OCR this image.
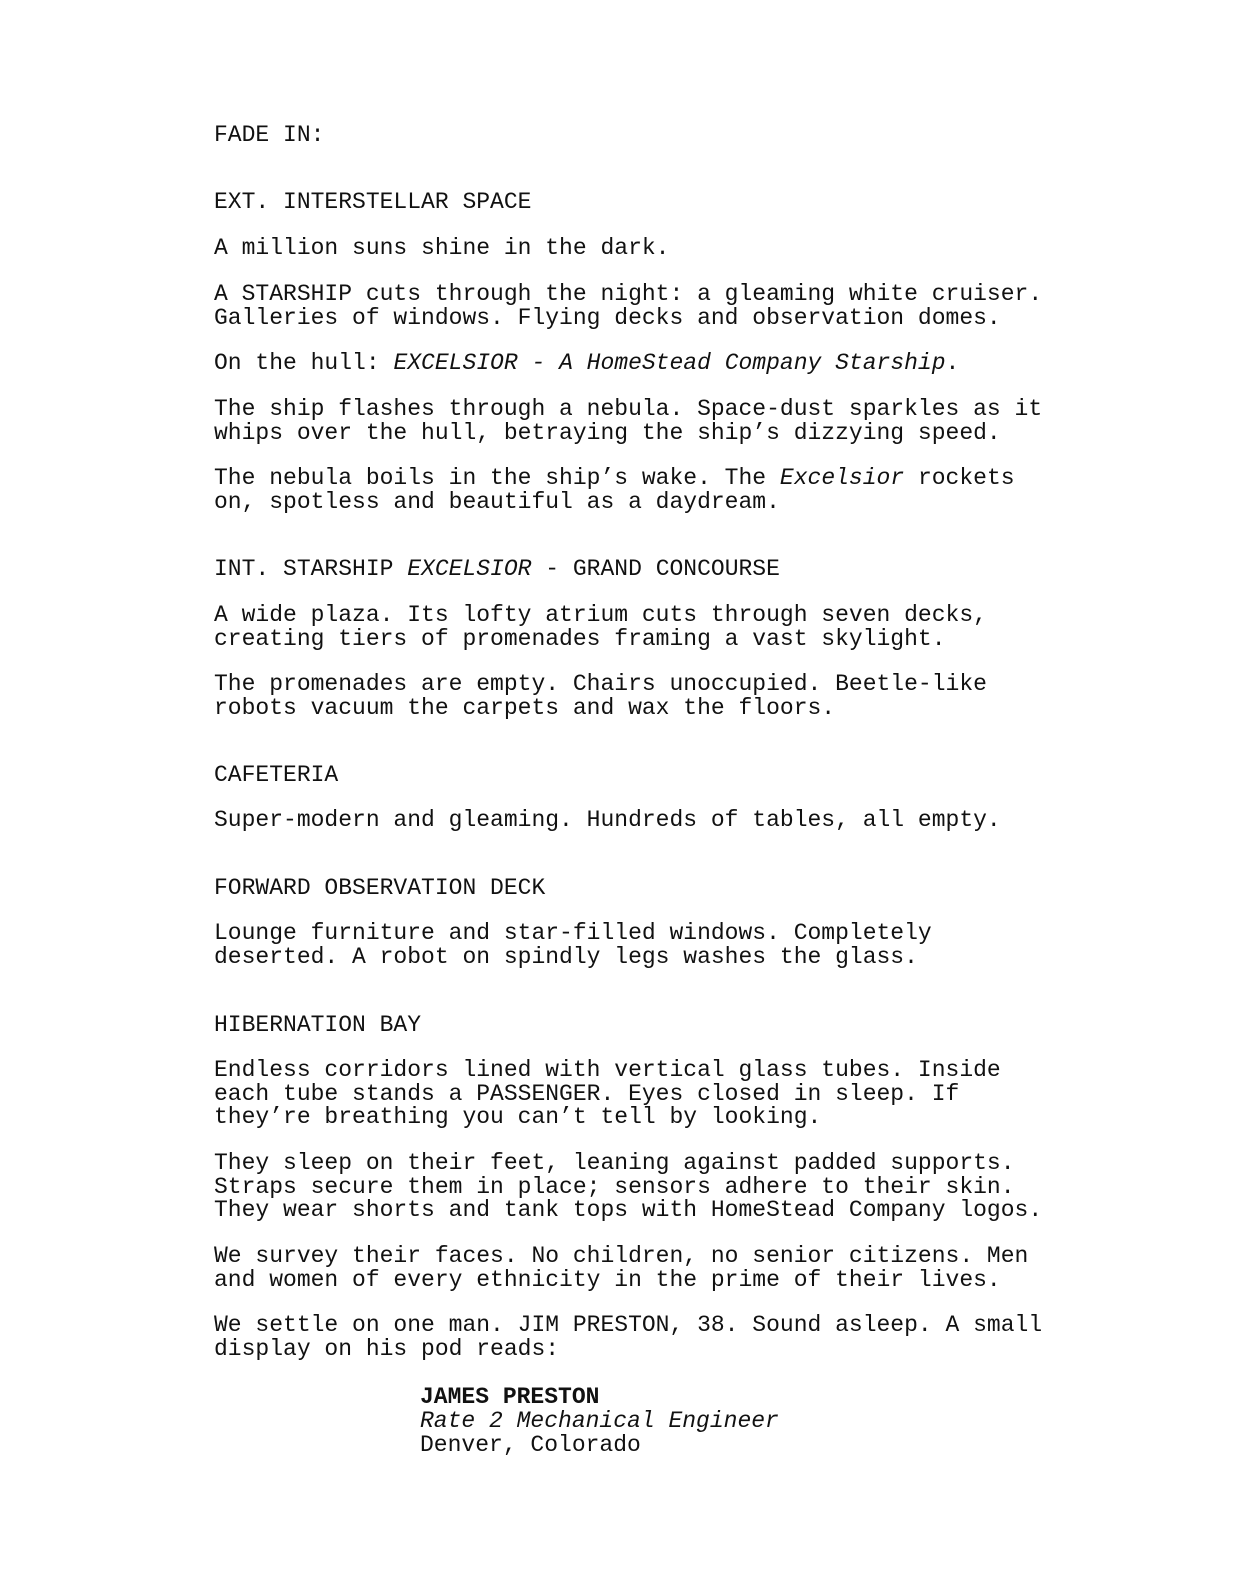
FADE IN:
EXT. INTERSTELLAR SPACE
A million suns shine in the dark.
A STARSHIP cuts through the night: a gleaming white cruiser.
Galleries of windows. Flying decks and observation domes.
On the hull: EXCELSIOR - A HomeStead Company Starship.
The ship flashes through a nebula. Space-dust sparkles as it
whips over the hull, betraying the ship’s dizzying speed.
The nebula boils in the ship’s wake. The Excelsior rockets
on, spotless and beautiful as a daydream.
INT. STARSHIP EXCELSIOR - GRAND CONCOURSE
A wide plaza. Its lofty atrium cuts through seven decks,
creating tiers of promenades framing a vast skylight.
The promenades are empty. Chairs unoccupied. Beetle-like
robots vacuum the carpets and wax the floors.
CAFETERIA
Super-modern and gleaming. Hundreds of tables, all empty.
FORWARD OBSERVATION DECK
Lounge furniture and star-filled windows. Completely
deserted. A robot on spindly legs washes the glass.
HIBERNATION BAY
Endless corridors lined with vertical glass tubes. Inside
each tube stands a PASSENGER. Eyes closed in sleep. If
they’re breathing you can’t tell by looking.
They sleep on their feet, leaning against padded supports.
Straps secure them in place; sensors adhere to their skin.
They wear shorts and tank tops with HomeStead Company logos.
We survey their faces. No children, no senior citizens. Men
and women of every ethnicity in the prime of their lives.
We settle on one man. JIM PRESTON, 38. Sound asleep. A small
display on his pod reads:
JAMES PRESTON
Rate 2 Mechanical Engineer
Denver, Colorado
